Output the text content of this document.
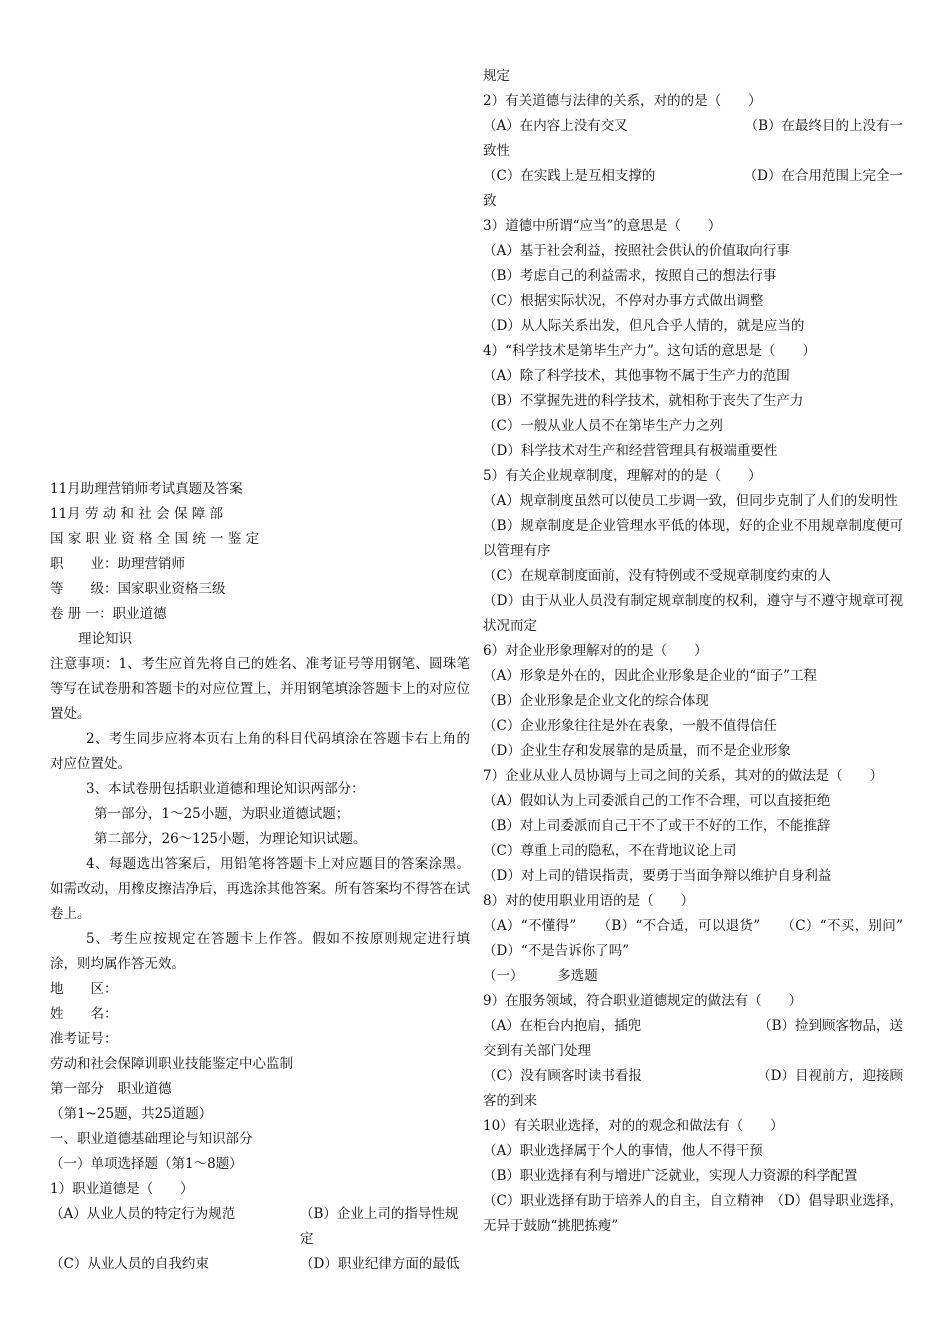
11月助理营销师考试真题及答案
11月 劳 动 和 社 会 保 障 部
国 家 职 业 资 格 全 国 统 一 鉴 定
职　　业：助理营销师
等　　级：国家职业资格三级
卷 册 一：职业道德
理论知识
注意事项：1、考生应首先将自己的姓名、准考证号等用钢笔、圆珠笔等写在试卷册和答题卡的对应位置上，并用钢笔填涂答题卡上的对应位置处。
2、考生同步应将本页右上角的科目代码填涂在答题卡右上角的对应位置处。
3、本试卷册包括职业道德和理论知识两部分：
第一部分，1～25小题，为职业道德试题；
第二部分，26～125小题，为理论知识试题。
4、每题选出答案后，用铅笔将答题卡上对应题目的答案涂黑。如需改动，用橡皮擦洁净后，再选涂其他答案。所有答案均不得答在试卷上。
5、考生应按规定在答题卡上作答。假如不按原则规定进行填涂，则均属作答无效。
地　　区：
姓　　名：
准考证号：
劳动和社会保障训职业技能鉴定中心监制
第一部分　职业道德
（第1~25题，共25道题）
一、职业道德基础理论与知识部分
（一）单项选择题（第1～8题）
1）职业道德是（　　）
（A）从业人员的特定行为规范	（B）企业上司的指导性规定
（C）从业人员的自我约束	（D）职业纪律方面的最低
规定
2）有关道德与法律的关系，对的的是（　　）
（A）在内容上没有交叉	（B）在最终目的上没有一
致性
（C）在实践上是互相支撑的	（D）在合用范围上完全一
致
3）道德中所谓“应当”的意思是（　　）
（A）基于社会利益，按照社会供认的价值取向行事
（B）考虑自己的利益需求，按照自己的想法行事
（C）根据实际状况，不停对办事方式做出调整
（D）从人际关系出发，但凡合乎人情的，就是应当的
4）“科学技术是第毕生产力”。这句话的意思是（　　）
（A）除了科学技术，其他事物不属于生产力的范围
（B）不掌握先进的科学技术，就相称于丧失了生产力
（C）一般从业人员不在第毕生产力之列
（D）科学技术对生产和经营管理具有极端重要性
5）有关企业规章制度，理解对的的是（　　）
（A）规章制度虽然可以使员工步调一致，但同步克制了人们的发明性
（B）规章制度是企业管理水平低的体现，好的企业不用规章制度便可以管理有序
（C）在规章制度面前，没有特例或不受规章制度约束的人
（D）由于从业人员没有制定规章制度的权利，遵守与不遵守规章可视状况而定
6）对企业形象理解对的的是（　　）
（A）形象是外在的，因此企业形象是企业的“面子”工程
（B）企业形象是企业文化的综合体现
（C）企业形象往往是外在表象，一般不值得信任
（D）企业生存和发展靠的是质量，而不是企业形象
7）企业从业人员协调与上司之间的关系，其对的的做法是（　　）
（A）假如认为上司委派自己的工作不合理，可以直接拒绝
（B）对上司委派而自己干不了或干不好的工作，不能推辞
（C）尊重上司的隐私，不在背地议论上司
（D）对上司的错误指责，要勇于当面争辩以维护自身利益
8）对的使用职业用语的是（　　）
（A）“不懂得”　　（B）“不合适，可以退货”　　（C）“不买，别问”　　　（D）“不是告诉你了吗”
（一）　　　多选题
9）在服务领域，符合职业道德规定的做法有（　　）
（A）在柜台内抱肩，插兜	（B）捡到顾客物品，送
交到有关部门处理
（C）没有顾客时读书看报	（D）目视前方，迎接顾
客的到来
10）有关职业选择，对的的观念和做法有（　　）
（A）职业选择属于个人的事情，他人不得干预
（B）职业选择有利与增进广泛就业，实现人力资源的科学配置
（C）职业选择有助于培养人的自主，自立精神　（D）倡导职业选择，无异于鼓励“挑肥拣瘦”
